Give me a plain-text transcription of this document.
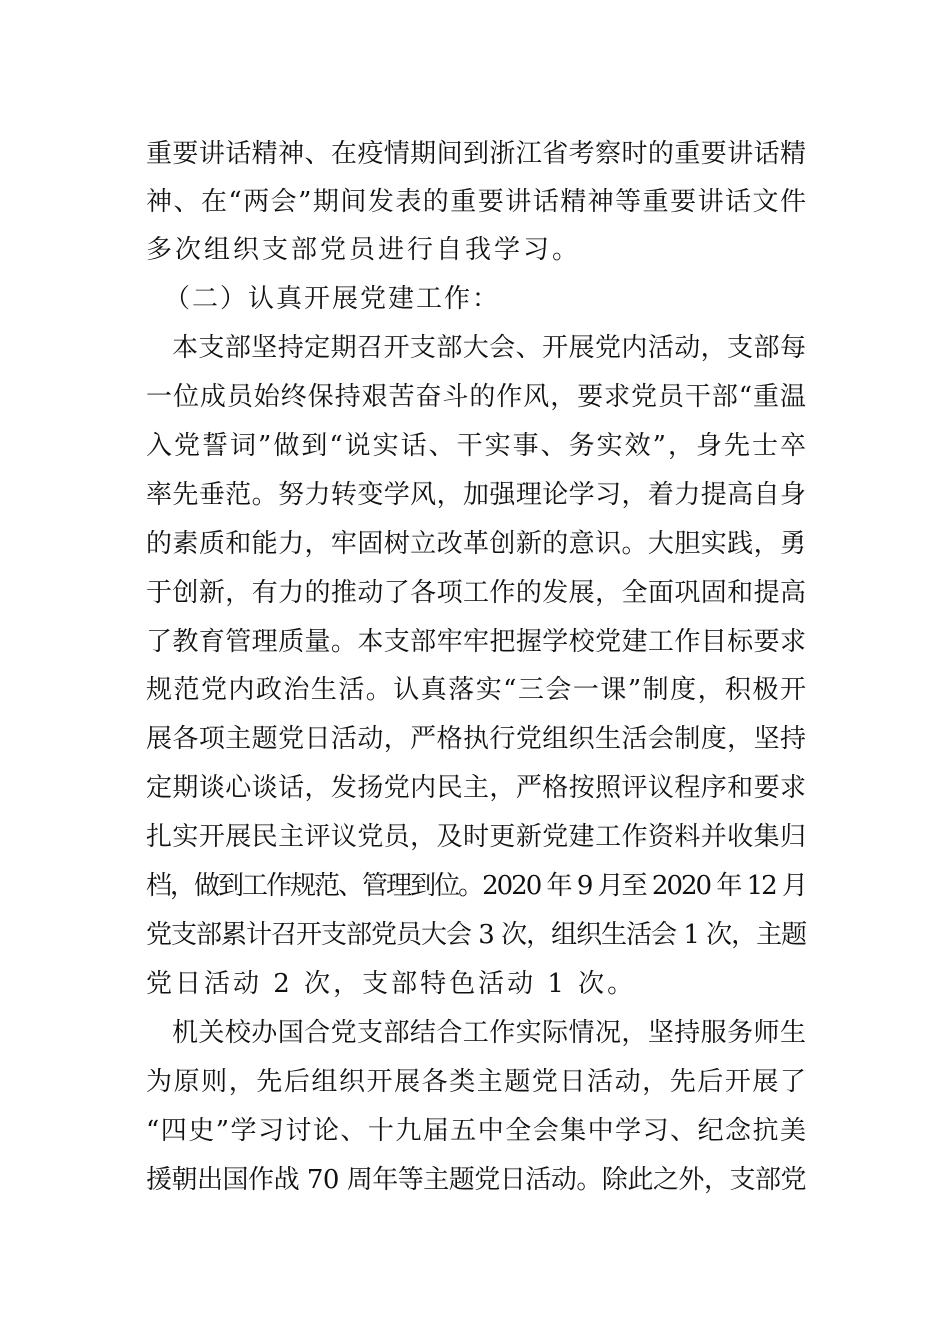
重要讲话精神、在疫情期间到浙江省考察时的重要讲话精
神、在“两会”期间发表的重要讲话精神等重要讲话文件
多次组织支部党员进行自我学习。
（二）认真开展党建工作：
本支部坚持定期召开支部大会、开展党内活动，支部每
一位成员始终保持艰苦奋斗的作风，要求党员干部“重温
入党誓词”做到“说实话、干实事、务实效”，身先士卒
率先垂范。努力转变学风，加强理论学习，着力提高自身
的素质和能力，牢固树立改革创新的意识。大胆实践，勇
于创新，有力的推动了各项工作的发展，全面巩固和提高
了教育管理质量。本支部牢牢把握学校党建工作目标要求
规范党内政治生活。认真落实“三会一课”制度，积极开
展各项主题党日活动，严格执行党组织生活会制度，坚持
定期谈心谈话，发扬党内民主，严格按照评议程序和要求
扎实开展民主评议党员，及时更新党建工作资料并收集归
档，做到工作规范、管理到位。2020 年 9 月至 2020 年 12 月
党支部累计召开支部党员大会 3 次，组织生活会 1 次，主题
党日活动 2 次，支部特色活动 1 次。
机关校办国合党支部结合工作实际情况，坚持服务师生
为原则，先后组织开展各类主题党日活动，先后开展了
“四史”学习讨论、十九届五中全会集中学习、纪念抗美
援朝出国作战 70 周年等主题党日活动。除此之外，支部党
